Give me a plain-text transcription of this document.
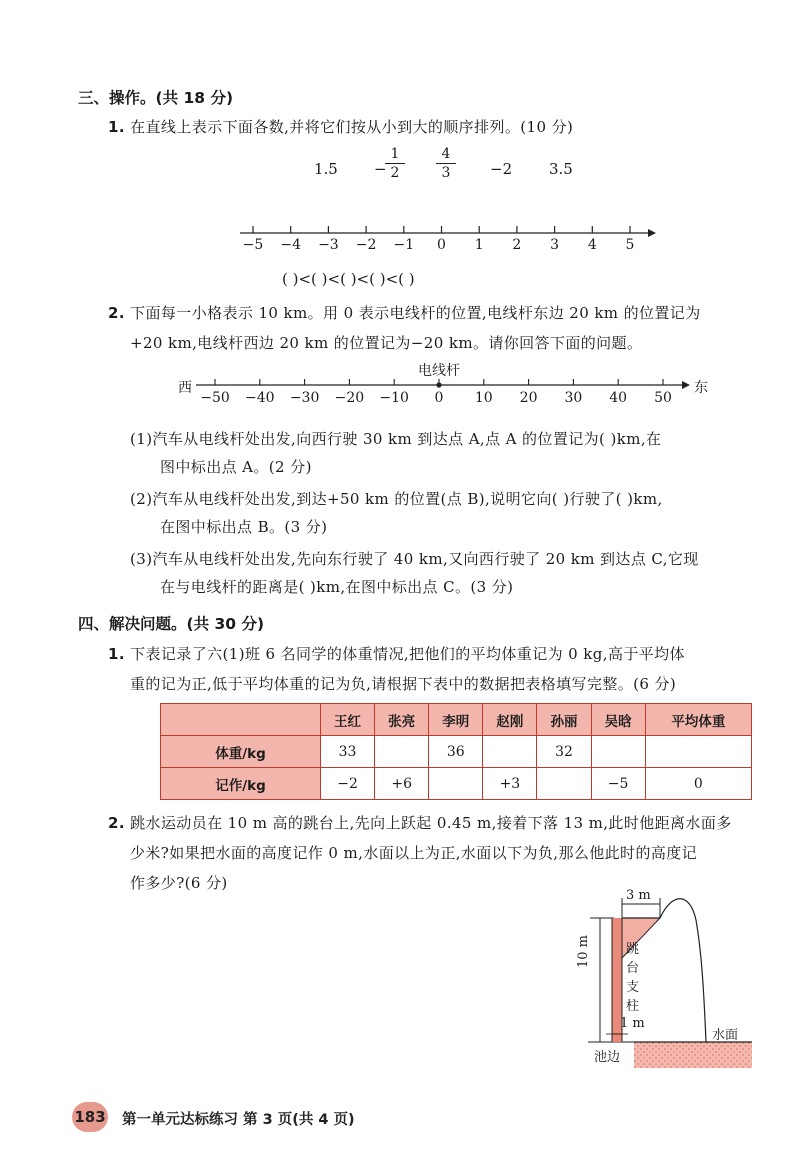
三、操作。(共 18 分)
1. 在直线上表示下面各数,并将它们按从小到大的顺序排列。(10 分)
1.5 −
1
2
4
3	−2 3.5
−5 −4 −3 −2 −1	0	1	2	3	4	5
( )<( )<( )<( )<( )
2. 下面每一小格表示 10 km。用 0 表示电线杆的位置,电线杆东边 20 km 的位置记为
+20 km,电线杆西边 20 km 的位置记为−20 km。请你回答下面的问题。
电线杆
西	东
−50 −40 −30 −20 −10	0	10	20	30	40	50
(1)汽车从电线杆处出发,向西行驶 30 km 到达点 A,点 A 的位置记为( )km,在
图中标出点 A。(2 分)
(2)汽车从电线杆处出发,到达+50 km 的位置(点 B),说明它向( )行驶了( )km,
在图中标出点 B。(3 分)
(3)汽车从电线杆处出发,先向东行驶了 40 km,又向西行驶了 20 km 到达点 C,它现
在与电线杆的距离是( )km,在图中标出点 C。(3 分)
四、解决问题。(共 30 分)
1. 下表记录了六(1)班 6 名同学的体重情况,把他们的平均体重记为 0 kg,高于平均体
重的记为正,低于平均体重的记为负,请根据下表中的数据把表格填写完整。(6 分)
	王红	张亮	李明	赵刚	孙丽	吴晗	平均体重
体重/kg	33		36		32		
记作/kg	−2	+6		+3		−5	0
2. 跳水运动员在 10 m 高的跳台上,先向上跃起 0.45 m,接着下落 13 m,此时他距离水面多
少米?如果把水面的高度记作 0 m,水面以上为正,水面以下为负,那么他此时的高度记
作多少?(6 分)
3 m
10 m	跳
台
支
柱
1 m
水面
池边
183 第一单元达标练习 第 3 页(共 4 页)
